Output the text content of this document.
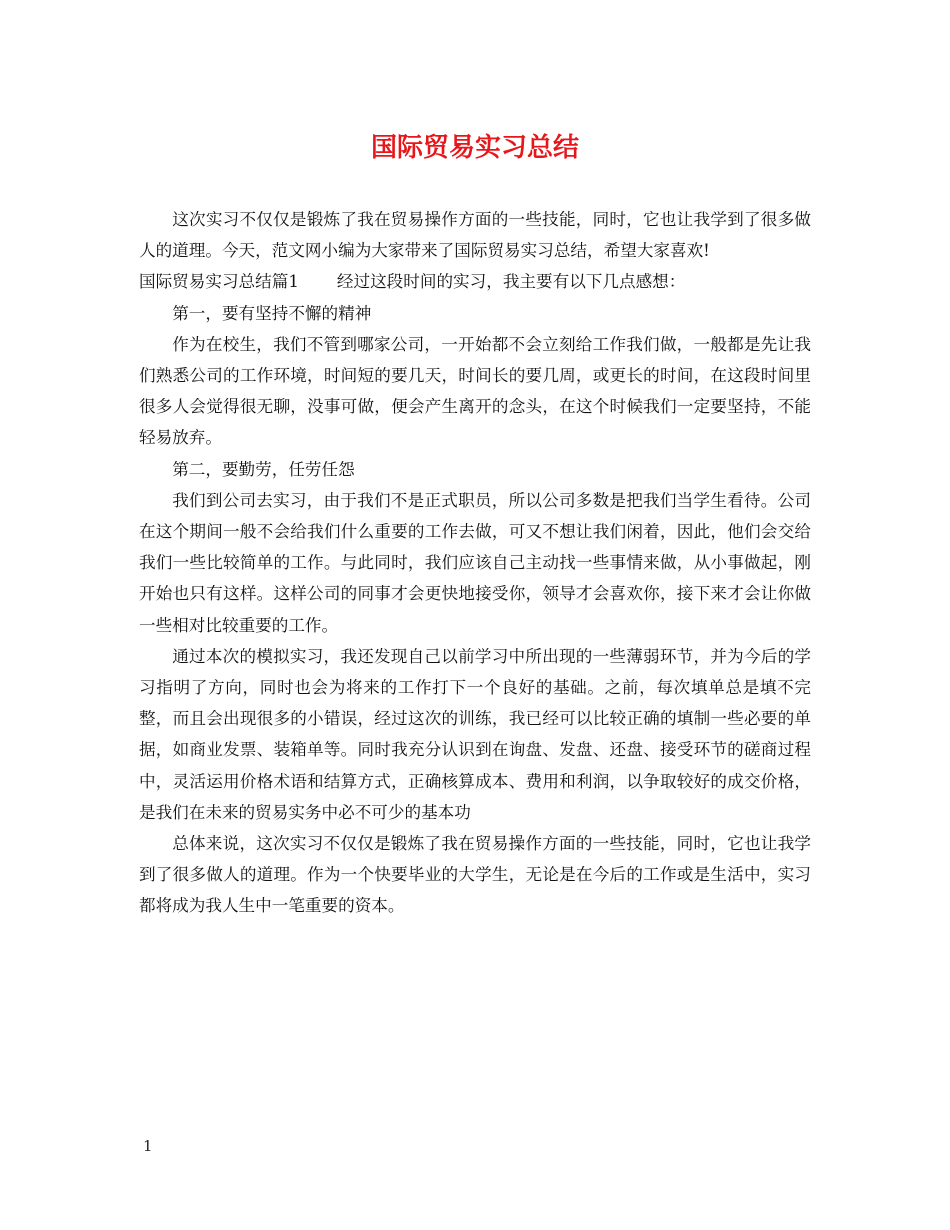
国际贸易实习总结

这次实习不仅仅是锻炼了我在贸易操作方面的一些技能，同时，它也让我学到了很多做人的道理。今天，范文网小编为大家带来了国际贸易实习总结，希望大家喜欢!

国际贸易实习总结篇1 经过这段时间的实习，我主要有以下几点感想：

第一，要有坚持不懈的精神

作为在校生，我们不管到哪家公司，一开始都不会立刻给工作我们做，一般都是先让我们熟悉公司的工作环境，时间短的要几天，时间长的要几周，或更长的时间，在这段时间里很多人会觉得很无聊，没事可做，便会产生离开的念头，在这个时候我们一定要坚持，不能轻易放弃。

第二，要勤劳，任劳任怨

我们到公司去实习，由于我们不是正式职员，所以公司多数是把我们当学生看待。公司在这个期间一般不会给我们什么重要的工作去做，可又不想让我们闲着，因此，他们会交给我们一些比较简单的工作。与此同时，我们应该自己主动找一些事情来做，从小事做起，刚开始也只有这样。这样公司的同事才会更快地接受你，领导才会喜欢你，接下来才会让你做一些相对比较重要的工作。

通过本次的模拟实习，我还发现自己以前学习中所出现的一些薄弱环节，并为今后的学习指明了方向，同时也会为将来的工作打下一个良好的基础。之前，每次填单总是填不完整，而且会出现很多的小错误，经过这次的训练，我已经可以比较正确的填制一些必要的单据，如商业发票、装箱单等。同时我充分认识到在询盘、发盘、还盘、接受环节的磋商过程中，灵活运用价格术语和结算方式，正确核算成本、费用和利润，以争取较好的成交价格，是我们在未来的贸易实务中必不可少的基本功

总体来说，这次实习不仅仅是锻炼了我在贸易操作方面的一些技能，同时，它也让我学到了很多做人的道理。作为一个快要毕业的大学生，无论是在今后的工作或是生活中，实习都将成为我人生中一笔重要的资本。

1
